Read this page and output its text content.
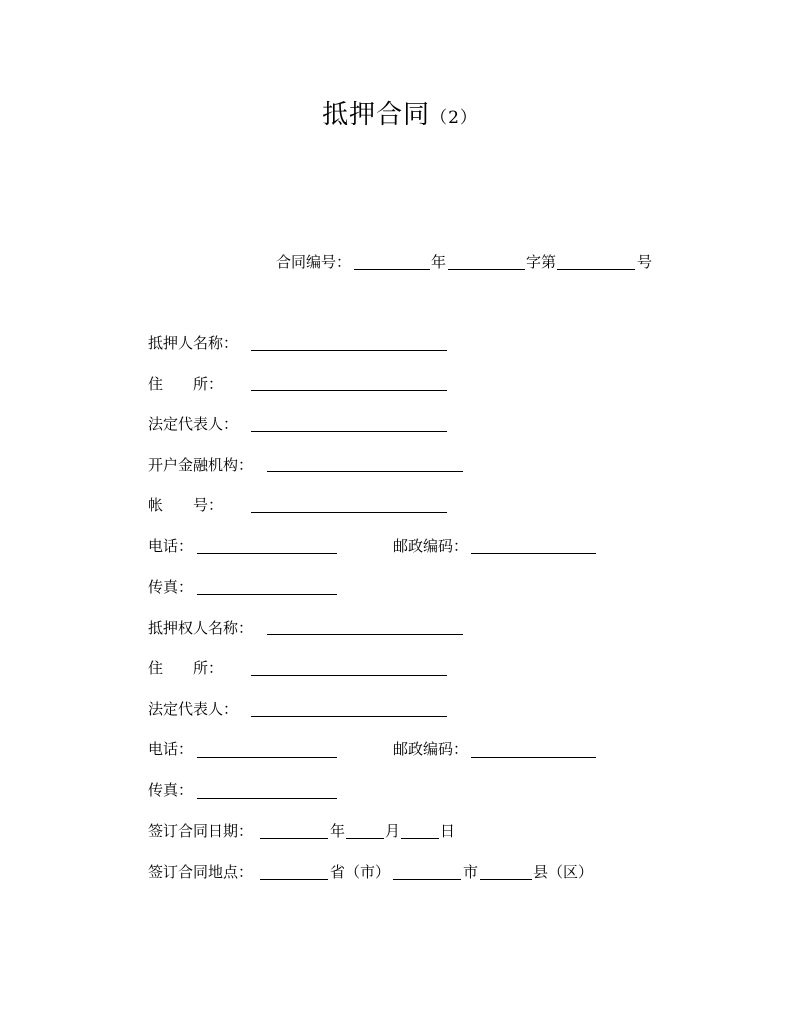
抵押合同（2）
合同编号：	年	字第	号
抵押人名称：
住　　所：
法定代表人：
开户金融机构：
帐　　号：
电话：	邮政编码：
传真：
抵押权人名称：
住　　所：
法定代表人：
电话：	邮政编码：
传真：
签订合同日期：	年	月	日
签订合同地点：	省（市）	市	县（区）
